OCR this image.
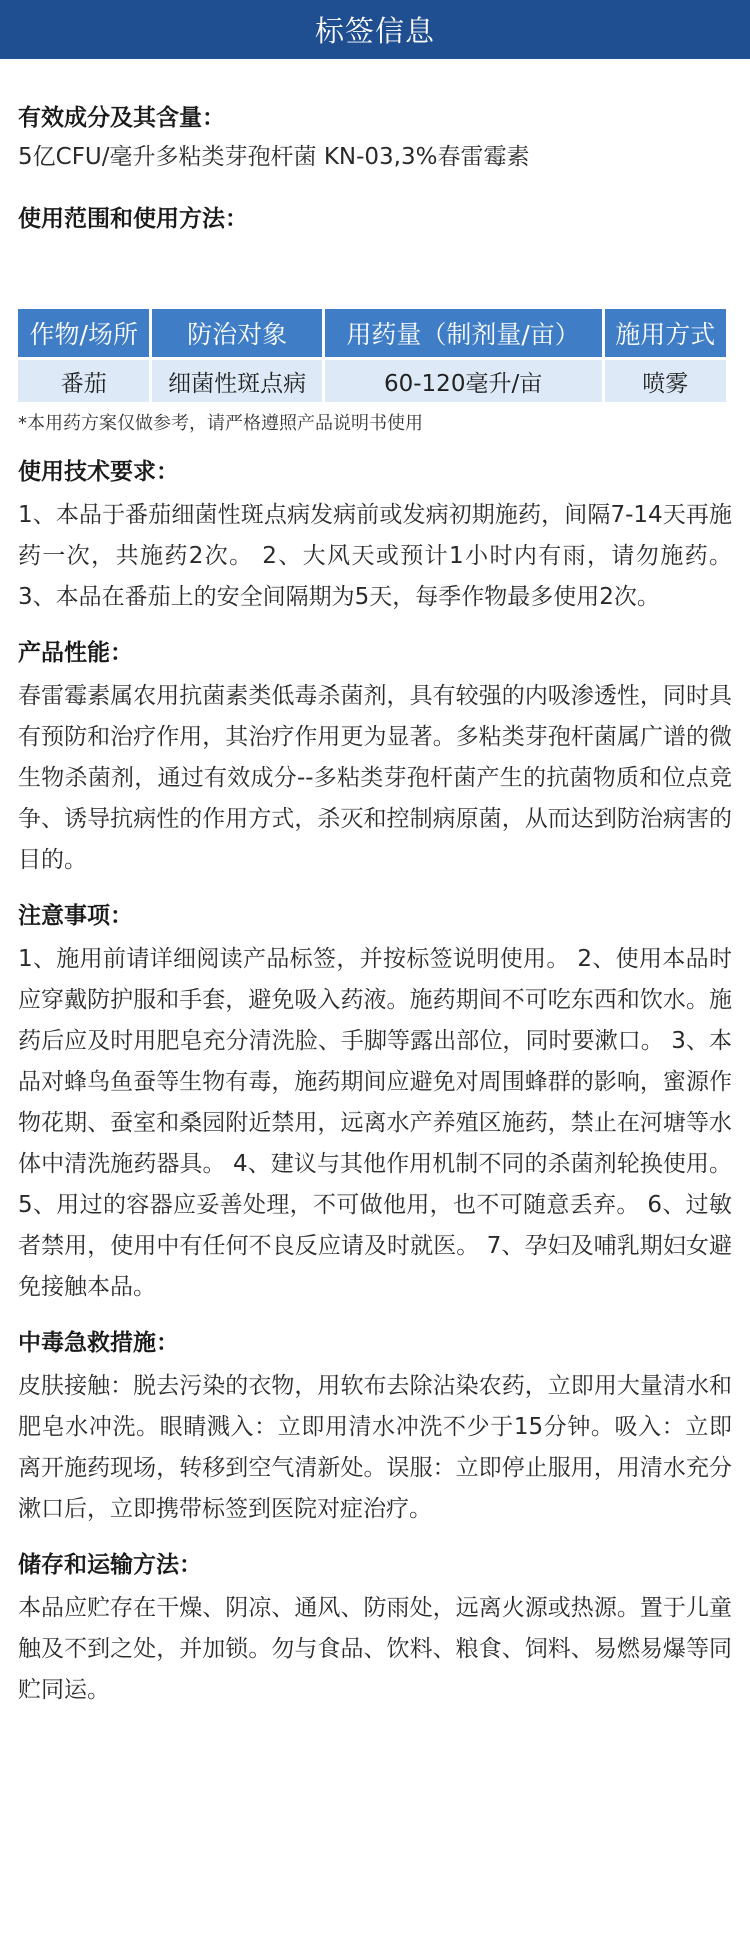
标签信息
有效成分及其含量：
5亿CFU/毫升多粘类芽孢杆菌 KN-03,3%春雷霉素
使用范围和使用方法：
作物/场所	防治对象	用药量（制剂量/亩）	施用方式
番茄	细菌性斑点病	60-120毫升/亩	喷雾
*本用药方案仅做参考，请严格遵照产品说明书使用
使用技术要求：
1、本品于番茄细菌性斑点病发病前或发病初期施药，间隔7-14天再施药一次，共施药2次。 2、大风天或预计1小时内有雨，请勿施药。 3、本品在番茄上的安全间隔期为5天，每季作物最多使用2次。
产品性能：
春雷霉素属农用抗菌素类低毒杀菌剂，具有较强的内吸渗透性，同时具有预防和治疗作用，其治疗作用更为显著。多粘类芽孢杆菌属广谱的微生物杀菌剂，通过有效成分--多粘类芽孢杆菌产生的抗菌物质和位点竞争、诱导抗病性的作用方式，杀灭和控制病原菌，从而达到防治病害的目的。
注意事项：
1、施用前请详细阅读产品标签，并按标签说明使用。 2、使用本品时应穿戴防护服和手套，避免吸入药液。施药期间不可吃东西和饮水。施药后应及时用肥皂充分清洗脸、手脚等露出部位，同时要漱口。 3、本品对蜂鸟鱼蚕等生物有毒，施药期间应避免对周围蜂群的影响，蜜源作物花期、蚕室和桑园附近禁用，远离水产养殖区施药，禁止在河塘等水体中清洗施药器具。 4、建议与其他作用机制不同的杀菌剂轮换使用。 5、用过的容器应妥善处理，不可做他用，也不可随意丢弃。 6、过敏者禁用，使用中有任何不良反应请及时就医。 7、孕妇及哺乳期妇女避免接触本品。
中毒急救措施：
皮肤接触：脱去污染的衣物，用软布去除沾染农药，立即用大量清水和肥皂水冲洗。眼睛溅入：立即用清水冲洗不少于15分钟。吸入：立即离开施药现场，转移到空气清新处。误服：立即停止服用，用清水充分漱口后，立即携带标签到医院对症治疗。
储存和运输方法：
本品应贮存在干燥、阴凉、通风、防雨处，远离火源或热源。置于儿童触及不到之处，并加锁。勿与食品、饮料、粮食、饲料、易燃易爆等同贮同运。
